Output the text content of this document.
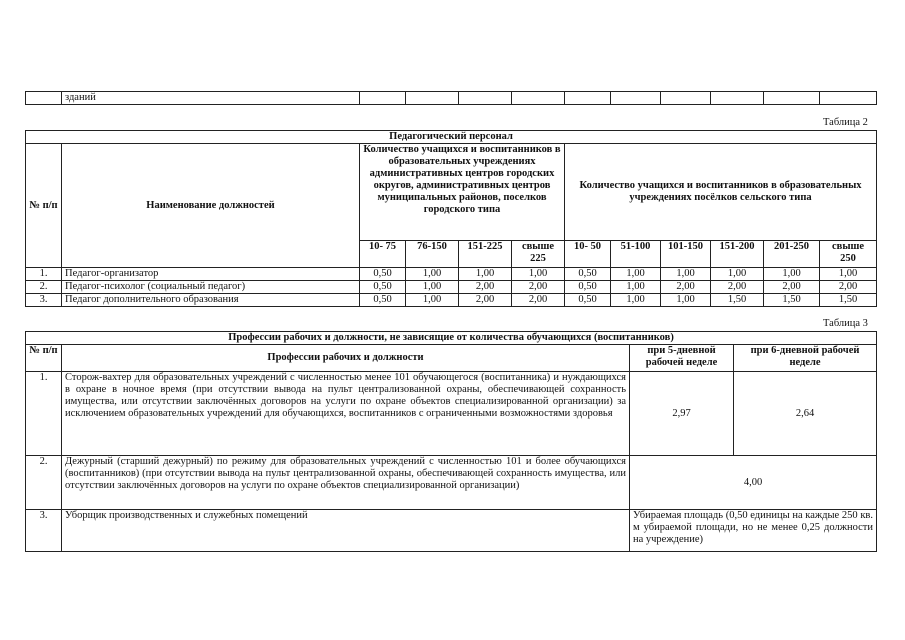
	зданий										
Таблица 2
Педагогический персонал											
№ п/п	Наименование должностей	Количество учащихся и воспитанников в образовательных учреждениях административных центров городских округов, административных центров муниципальных районов, поселков городского типа				Количество учащихся и воспитанников в образовательных учреждениях посёлков сельского типа					
		10- 75	76-150	151-225	свыше 225	10- 50	51-100	101-150	151-200	201-250	свыше 250
1.	Педагог-организатор	0,50	1,00	1,00	1,00	0,50	1,00	1,00	1,00	1,00	1,00
2.	Педагог-психолог (социальный педагог)	0,50	1,00	2,00	2,00	0,50	1,00	2,00	2,00	2,00	2,00
3.	Педагог дополнительного образования	0,50	1,00	2,00	2,00	0,50	1,00	1,00	1,50	1,50	1,50
Таблица 3
Профессии рабочих и должности, не зависящие от количества обучающихся (воспитанников)			
№ п/п	Профессии рабочих и должности	при 5-дневной рабочей неделе	при 6-дневной рабочей неделе
1.	Сторож-вахтер для образовательных учреждений с численностью менее 101 обучающегося (воспитанника) и нуждающихся в охране в ночное время (при отсутствии вывода на пульт централизованной охраны, обеспечивающей сохранность имущества, или отсутствии заключённых договоров на услуги по охране объектов специализированной организации) за исключением образовательных учреждений для обучающихся, воспитанников с ограниченными возможностями здоровья	2,97	2,64
2.	Дежурный (старший дежурный) по режиму для образовательных учреждений с численностью 101 и более обучающихся (воспитанников) (при отсутствии вывода на пульт централизованной охраны, обеспечивающей сохранность имущества, или отсутствии заключённых договоров на услуги по охране объектов специализированной организации)	4,00	
3.	Уборщик производственных и служебных помещений	Убираемая площадь (0,50 единицы на каждые 250 кв. м убираемой площади, но не менее 0,25 должности на учреждение)	
